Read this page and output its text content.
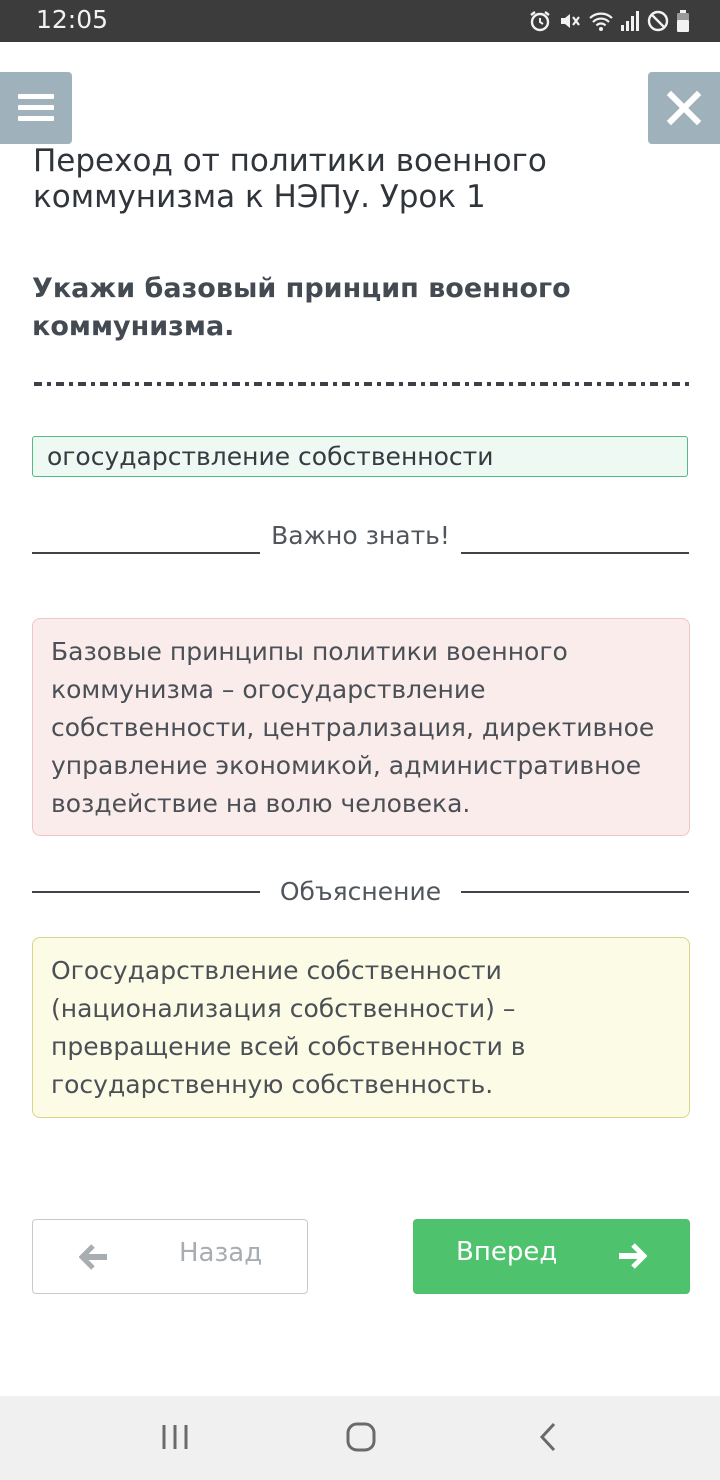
12:05
Переход от политики военного коммунизма к НЭПу. Урок 1

Укажи базовый принцип военного коммунизма.

огосударствление собственности
Важно знать!
Базовые принципы политики военного коммунизма – огосударствление собственности, централизация, директивное управление экономикой, административное воздействие на волю человека.
Объяснение
Огосударствление собственности (национализация собственности) – превращение всей собственности в государственную собственность.
Назад	Вперед
